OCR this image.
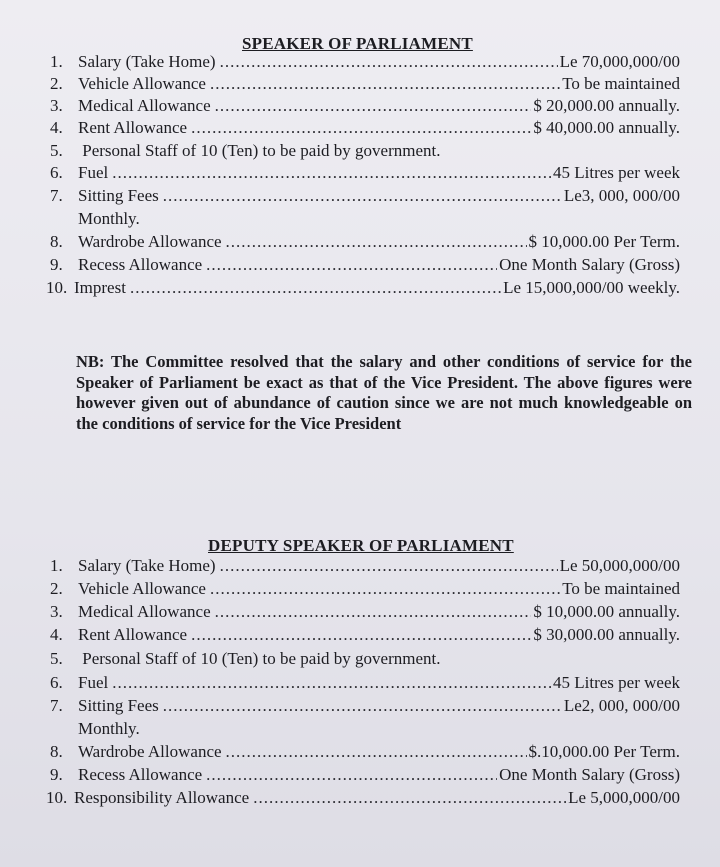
SPEAKER OF PARLIAMENT
1. Salary (Take Home) .....	Le 70,000,000/00
2. Vehicle Allowance .....	To be maintained
3. Medical Allowance .....	$ 20,000.00 annually.
4. Rent Allowance .....	$ 40,000.00 annually.
5. Personal Staff of 10 (Ten) to be paid by government.
6. Fuel .....	45 Litres per week
7. Sitting Fees .....	Le3, 000, 000/00
Monthly.
8. Wardrobe Allowance .....	$ 10,000.00 Per Term.
9. Recess Allowance .....	One Month Salary (Gross)
10. Imprest .....	Le 15,000,000/00 weekly.
NB: The Committee resolved that the salary and other conditions of service for the Speaker of Parliament be exact as that of the Vice President. The above figures were however given out of abundance of caution since we are not much knowledgeable on the conditions of service for the Vice President
DEPUTY SPEAKER OF PARLIAMENT
1. Salary (Take Home) .....	Le 50,000,000/00
2. Vehicle Allowance .....	To be maintained
3. Medical Allowance .....	$ 10,000.00 annually.
4. Rent Allowance .....	$ 30,000.00 annually.
5. Personal Staff of 10 (Ten) to be paid by government.
6. Fuel .....	45 Litres per week
7. Sitting Fees .....	Le2, 000, 000/00
Monthly.
8. Wardrobe Allowance .....	$.10,000.00 Per Term.
9. Recess Allowance .....	One Month Salary (Gross)
10. Responsibility Allowance .....	Le 5,000,000/00
